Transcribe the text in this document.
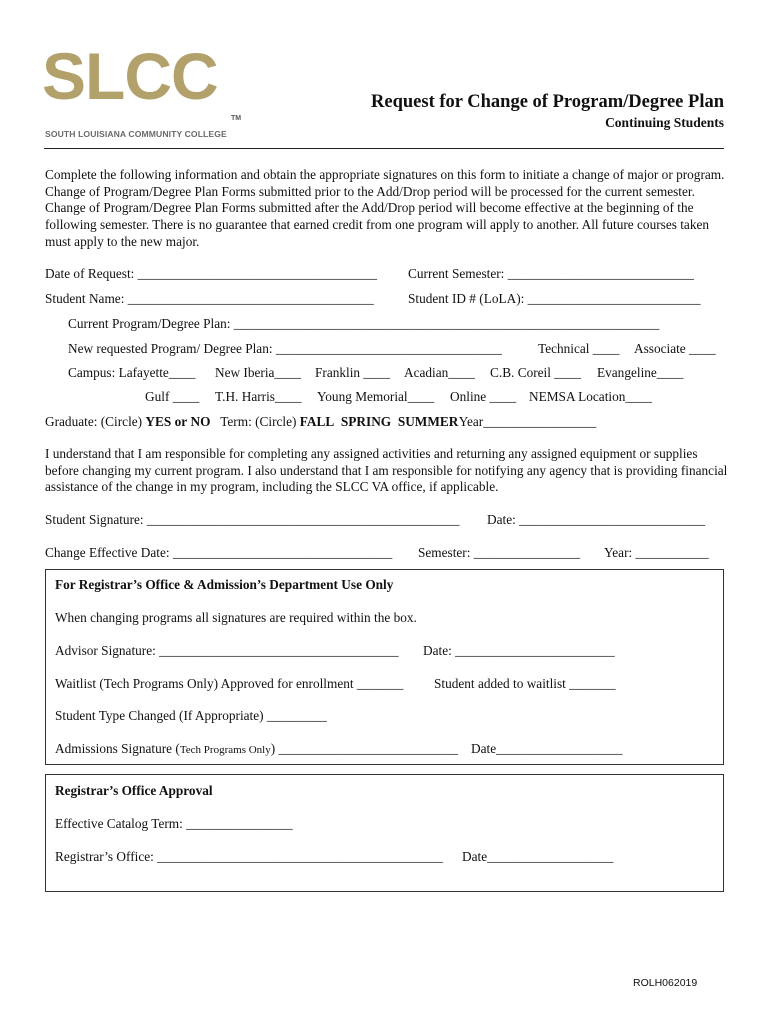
SLCC
TM
SOUTH LOUISIANA COMMUNITY COLLEGE
Request for Change of Program/Degree Plan
Continuing Students
Complete the following information and obtain the appropriate signatures on this form to initiate a change of major or program. Change of Program/Degree Plan Forms submitted prior to the Add/Drop period will be processed for the current semester. Change of Program/Degree Plan Forms submitted after the Add/Drop period will become effective at the beginning of the following semester. There is no guarantee that earned credit from one program will apply to another. All future courses taken must apply to the new major.
Date of Request: ____________________________________ Current Semester: ____________________________
Student Name: _____________________________________	Student ID # (LoLA): __________________________
Current Program/Degree Plan: ________________________________________________________________
New requested Program/ Degree Plan: __________________________________	Technical ____ Associate ____
Campus: Lafayette____ New Iberia____ Franklin ____ Acadian____ C.B. Coreil ____ Evangeline____
Gulf ____ T.H. Harris____ Young Memorial____ Online ____ NEMSA Location____
Graduate: (Circle) YES or NO Term: (Circle) FALL SPRING SUMMER Year_________________
I understand that I am responsible for completing any assigned activities and returning any assigned equipment or supplies before changing my current program. I also understand that I am responsible for notifying any agency that is providing financial assistance of the change in my program, including the SLCC VA office, if applicable.
Student Signature: _______________________________________________ Date: ____________________________
Change Effective Date: _________________________________ Semester: ________________ Year: ___________
For Registrar’s Office & Admission’s Department Use Only
When changing programs all signatures are required within the box.
Advisor Signature: ____________________________________ Date: ________________________
Waitlist (Tech Programs Only) Approved for enrollment _______ Student added to waitlist _______
Student Type Changed (If Appropriate) _________
Admissions Signature (Tech Programs Only) ___________________________ Date___________________
Registrar’s Office Approval
Effective Catalog Term: ________________
Registrar’s Office: ___________________________________________ Date___________________
ROLH062019
